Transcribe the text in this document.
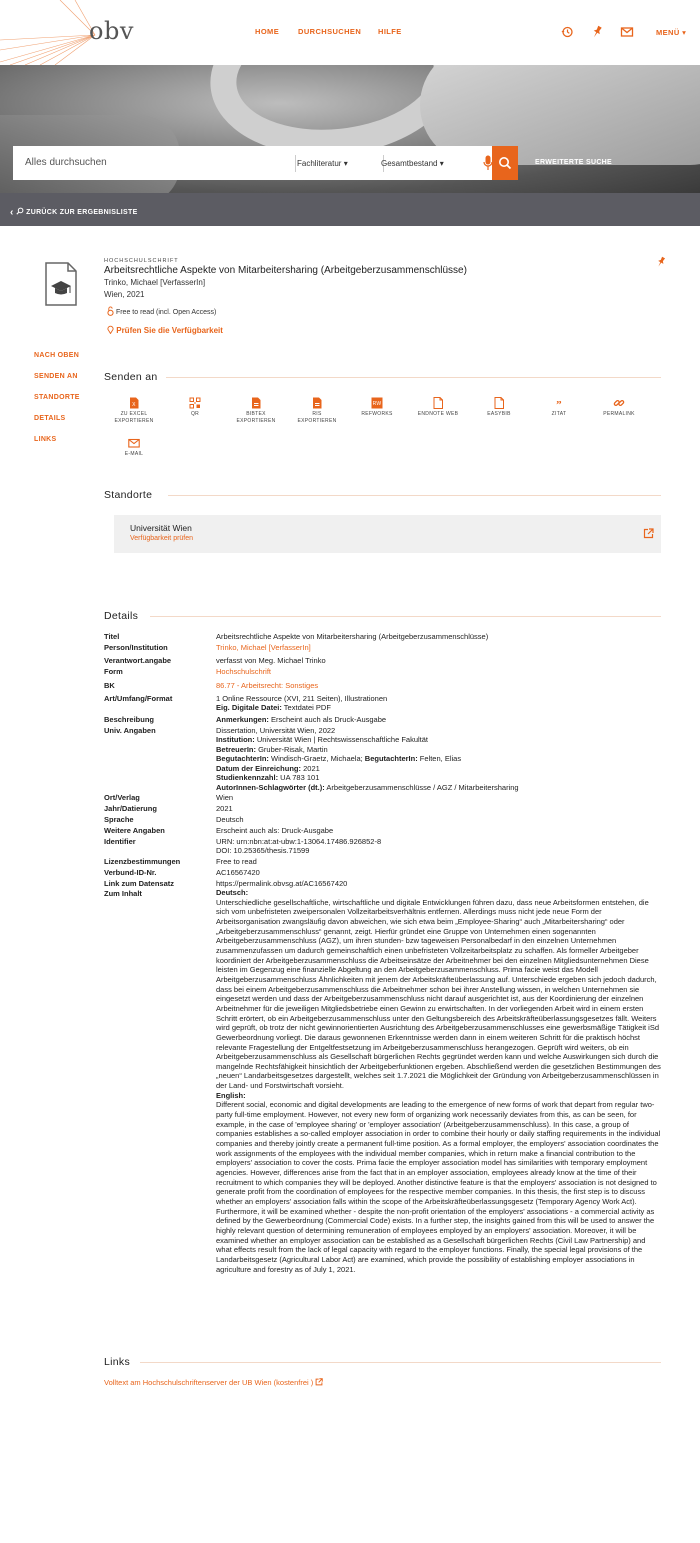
obv	HOME	DURCHSUCHEN HILFE	MENÜ ▾
Alles durchsuchen	Fachliteratur ▾	Gesamtbestand ▾	ERWEITERTE SUCHE
‹ ZURÜCK ZUR ERGEBNISLISTE
HOCHSCHULSCHRIFT
Arbeitsrechtliche Aspekte von Mitarbeitersharing (Arbeitgeberzusammenschlüsse)
Trinko, Michael [VerfasserIn]
Wien, 2021
Free to read (incl. Open Access)
Prüfen Sie die Verfügbarkeit
NACH OBEN
SENDEN AN
STANDORTE
DETAILS
LINKS
Senden an
X
ZU EXCEL
EXPORTIEREN
QR	BIBTEX
EXPORTIEREN
RIS
EXPORTIEREN
RW
REFWORKS	ENDNOTE WEB	EASYBIB
”
ZITAT	PERMALINK
E-MAIL
Standorte
Universität Wien
Verfügbarkeit prüfen
Details
Titel	Arbeitsrechtliche Aspekte von Mitarbeitersharing (Arbeitgeberzusammenschlüsse)
Person/Institution	Trinko, Michael [VerfasserIn]
Verantwort.angabe	verfasst von Meg. Michael Trinko
Form	Hochschulschrift
BK	86.77 - Arbeitsrecht: Sonstiges
Art/Umfang/Format	1 Online Ressource (XVI, 211 Seiten), Illustrationen
Eig. Digitale Datei: Textdatei PDF
Beschreibung	Anmerkungen: Erscheint auch als Druck-Ausgabe
Univ. Angaben	Dissertation, Universität Wien, 2022
Institution: Universität Wien | Rechtswissenschaftliche Fakultät
BetreuerIn: Gruber-Risak, Martin
BegutachterIn: Windisch-Graetz, Michaela; BegutachterIn: Felten, Elias
Datum der Einreichung: 2021
Studienkennzahl: UA 783 101
AutorInnen-Schlagwörter (dt.): Arbeitgeberzusammenschlüsse / AGZ / Mitarbeitersharing
Ort/Verlag	Wien
Jahr/Datierung	2021
Sprache	Deutsch
Weitere Angaben	Erscheint auch als: Druck-Ausgabe
Identifier	URN: urn:nbn:at:at-ubw:1-13064.17486.926852-8
DOI: 10.25365/thesis.71599
Lizenzbestimmungen	Free to read
Verbund-ID-Nr.	AC16567420
Link zum Datensatz	https://permalink.obvsg.at/AC16567420
Zum Inhalt	Deutsch:

Unterschiedliche gesellschaftliche, wirtschaftliche und digitale Entwicklungen führen dazu, dass neue Arbeitsformen entstehen, die sich vom unbefristeten zweipersonalen Vollzeitarbeitsverhältnis entfernen. Allerdings muss nicht jede neue Form der Arbeitsorganisation zwangsläufig davon abweichen, wie sich etwa beim „Employee-Sharing“ auch „Mitarbeitersharing“ oder „Arbeitgeberzusammenschluss“ genannt, zeigt. Hierfür gründet eine Gruppe von Unternehmen einen sogenannten Arbeitgeberzusammenschluss (AGZ), um ihren stunden- bzw tageweisen Personalbedarf in den einzelnen Unternehmen zusammenzufassen um dadurch gemeinschaftlich einen unbefristeten Vollzeitarbeitsplatz zu schaffen. Als formeller Arbeitgeber koordiniert der Arbeitgeberzusammenschluss die Arbeitseinsätze der Arbeitnehmer bei den einzelnen Mitgliedsunternehmen Diese leisten im Gegenzug eine finanzielle Abgeltung an den Arbeitgeberzusammenschluss. Prima facie weist das Modell Arbeitgeberzusammenschluss Ähnlichkeiten mit jenem der Arbeitskräfteüberlassung auf. Unterschiede ergeben sich jedoch dadurch, dass bei einem Arbeitgeberzusammenschluss die Arbeitnehmer schon bei ihrer Anstellung wissen, in welchen Unternehmen sie eingesetzt werden und dass der Arbeitgeberzusammenschluss nicht darauf ausgerichtet ist, aus der Koordinierung der einzelnen Arbeitnehmer für die jeweiligen Mitgliedsbetriebe einen Gewinn zu erwirtschaften. In der vorliegenden Arbeit wird in einem ersten Schritt erörtert, ob ein Arbeitgeberzusammenschluss unter den Geltungsbereich des Arbeitskräfteüberlassungsgesetzes fällt. Weiters wird geprüft, ob trotz der nicht gewinnorientierten Ausrichtung des Arbeitgeberzusammenschlusses eine gewerbsmäßige Tätigkeit iSd Gewerbeordnung vorliegt. Die daraus gewonnenen Erkenntnisse werden dann in einem weiteren Schritt für die praktisch höchst relevante Fragestellung der Entgeltfestsetzung im Arbeitgeberzusammenschluss herangezogen. Geprüft wird weiters, ob ein Arbeitgeberzusammenschluss als Gesellschaft bürgerlichen Rechts gegründet werden kann und welche Auswirkungen sich durch die mangelnde Rechtsfähigkeit hinsichtlich der Arbeitgeberfunktionen ergeben. Abschließend werden die gesetzlichen Bestimmungen des „neuen“ Landarbeitsgesetzes dargestellt, welches seit 1.7.2021 die Möglichkeit der Gründung von Arbeitgeberzusammenschlüssen in der Land- und Forstwirtschaft vorsieht.

English:

Different social, economic and digital developments are leading to the emergence of new forms of work that depart from regular two-party full-time employment. However, not every new form of organizing work necessarily deviates from this, as can be seen, for example, in the case of 'employee sharing' or 'employer association' (Arbeitgeberzusammenschluss). In this case, a group of companies establishes a so-called employer association in order to combine their hourly or daily staffing requirements in the individual companies and thereby jointly create a permanent full-time position. As a formal employer, the employers' association coordinates the work assignments of the employees with the individual member companies, which in return make a financial contribution to the employers' association to cover the costs. Prima facie the employer association model has similarities with temporary employment agencies. However, differences arise from the fact that in an employer association, employees already know at the time of their recruitment to which companies they will be deployed. Another distinctive feature is that the employers' association is not designed to generate profit from the coordination of employees for the respective member companies. In this thesis, the first step is to discuss whether an employers' association falls within the scope of the Arbeitskräfteüberlassungsgesetz (Temporary Agency Work Act). Furthermore, it will be examined whether - despite the non-profit orientation of the employers' associations - a commercial activity as defined by the Gewerbeordnung (Commercial Code) exists. In a further step, the insights gained from this will be used to answer the highly relevant question of determining remuneration of employees employed by an employers' association. Moreover, it will be examined whether an employer association can be established as a Gesellschaft bürgerlichen Rechts (Civil Law Partnership) and what effects result from the lack of legal capacity with regard to the employer functions. Finally, the special legal provisions of the Landarbeitsgesetz (Agricultural Labor Act) are examined, which provide the possibility of establishing employer associations in agriculture and forestry as of July 1, 2021.

Links
Volltext am Hochschulschriftenserver der UB Wien (kostenfrei )
